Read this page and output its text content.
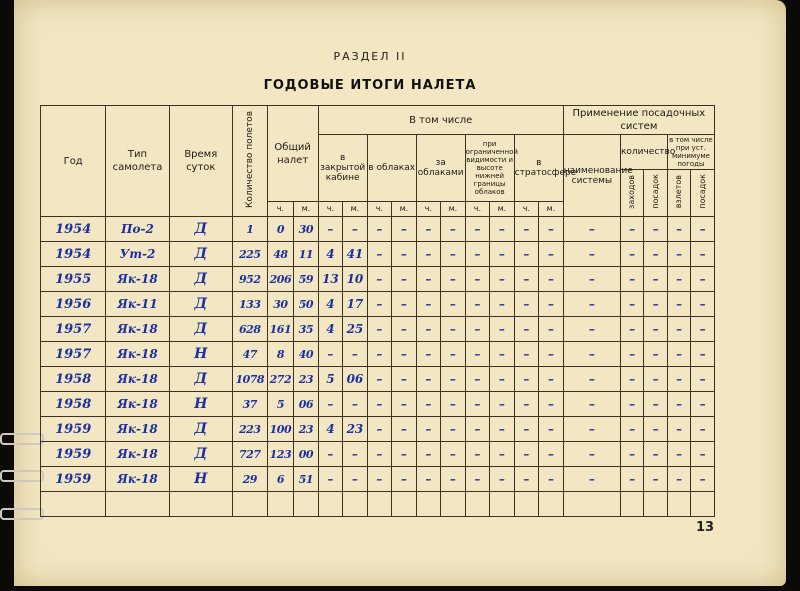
РАЗДЕЛ II
ГОДОВЫЕ ИТОГИ НАЛЕТА
Год	Тип самолета	Время суток	Количество полетов	Общий налет		В том числе										Применение посадочных систем				
						в закрытой кабине		в облаках		за облаками		при ограниченной видимости и высоте нижней границы облаков		в стратосфере		наименование системы	количество		в том числе при уст. минимуме погоды	
																	заходов	посадок	взлетов	посадок
				ч.	м.	ч.	м.	ч.	м.	ч.	м.	ч.	м.	ч.	м.					
1954	По-2	Д	1	0	30	–	–	–	–	–	–	–	–	–	–	–	–	–	–	–
1954	Ут-2	Д	225	48	11	4	41	–	–	–	–	–	–	–	–	–	–	–	–	–
1955	Як-18	Д	952	206	59	13	10	–	–	–	–	–	–	–	–	–	–	–	–	–
1956	Як-11	Д	133	30	50	4	17	–	–	–	–	–	–	–	–	–	–	–	–	–
1957	Як-18	Д	628	161	35	4	25	–	–	–	–	–	–	–	–	–	–	–	–	–
1957	Як-18	Н	47	8	40	–	–	–	–	–	–	–	–	–	–	–	–	–	–	–
1958	Як-18	Д	1078	272	23	5	06	–	–	–	–	–	–	–	–	–	–	–	–	–
1958	Як-18	Н	37	5	06	–	–	–	–	–	–	–	–	–	–	–	–	–	–	–
1959	Як-18	Д	223	100	23	4	23	–	–	–	–	–	–	–	–	–	–	–	–	–
1959	Як-18	Д	727	123	00	–	–	–	–	–	–	–	–	–	–	–	–	–	–	–
1959	Як-18	Н	29	6	51	–	–	–	–	–	–	–	–	–	–	–	–	–	–	–

13
